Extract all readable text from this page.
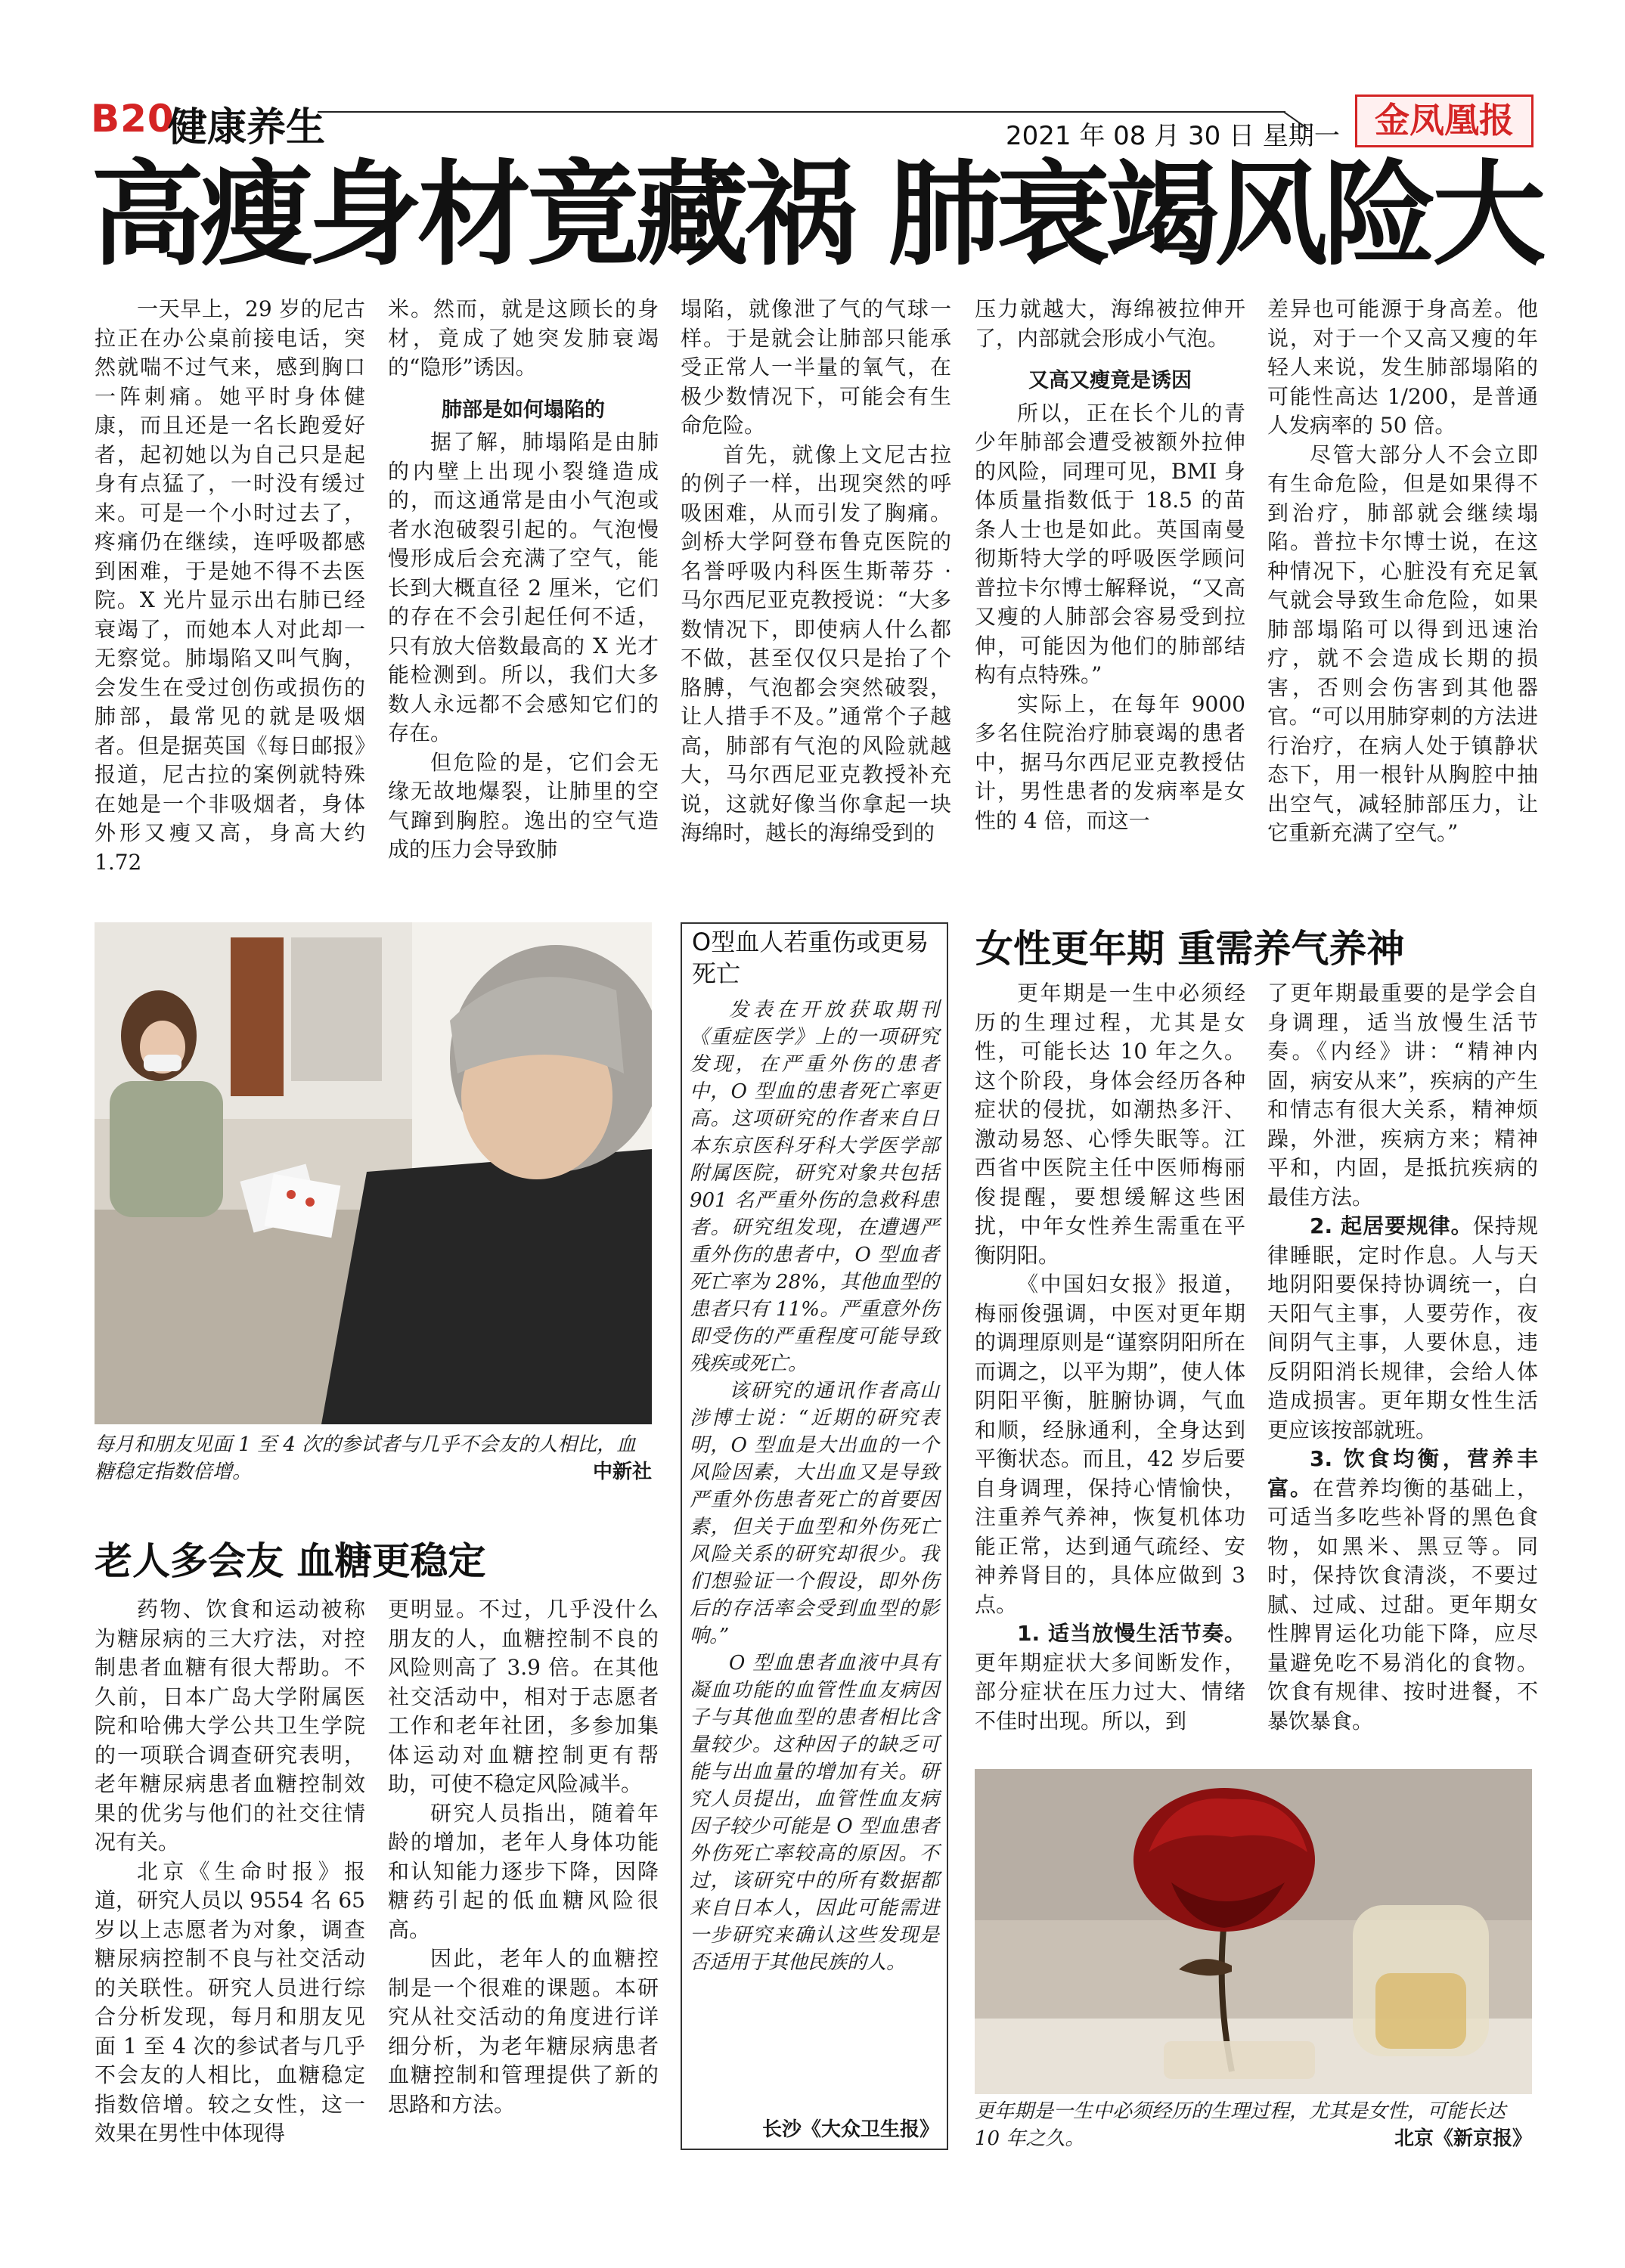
B20
健康养生	2021 年 08 月 30 日 星期一	金凤凰报
高瘦身材竟藏祸 肺衰竭风险大

一天早上，29 岁的尼古拉正在办公桌前接电话，突然就喘不过气来，感到胸口一阵刺痛。她平时身体健康，而且还是一名长跑爱好者，起初她以为自己只是起身有点猛了，一时没有缓过来。可是一个小时过去了，疼痛仍在继续，连呼吸都感到困难，于是她不得不去医院。X 光片显示出右肺已经衰竭了，而她本人对此却一无察觉。肺塌陷又叫气胸，会发生在受过创伤或损伤的肺部，最常见的就是吸烟者。但是据英国《每日邮报》报道，尼古拉的案例就特殊在她是一个非吸烟者，身体外形又瘦又高，身高大约 1.72

米。然而，就是这顾长的身材，竟成了她突发肺衰竭的“隐形”诱因。

肺部是如何塌陷的

据了解，肺塌陷是由肺的内壁上出现小裂缝造成的，而这通常是由小气泡或者水泡破裂引起的。气泡慢慢形成后会充满了空气，能长到大概直径 2 厘米，它们的存在不会引起任何不适，只有放大倍数最高的 X 光才能检测到。所以，我们大多数人永远都不会感知它们的存在。

但危险的是，它们会无缘无故地爆裂，让肺里的空气蹿到胸腔。逸出的空气造成的压力会导致肺

塌陷，就像泄了气的气球一样。于是就会让肺部只能承受正常人一半量的氧气，在极少数情况下，可能会有生命危险。

首先，就像上文尼古拉的例子一样，出现突然的呼吸困难，从而引发了胸痛。剑桥大学阿登布鲁克医院的名誉呼吸内科医生斯蒂芬 · 马尔西尼亚克教授说：“大多数情况下，即使病人什么都不做，甚至仅仅只是抬了个胳膊，气泡都会突然破裂，让人措手不及。”通常个子越高，肺部有气泡的风险就越大，马尔西尼亚克教授补充说，这就好像当你拿起一块海绵时，越长的海绵受到的

压力就越大，海绵被拉伸开了，内部就会形成小气泡。

又高又瘦竟是诱因

所以，正在长个儿的青少年肺部会遭受被额外拉伸的风险，同理可见，BMI 身体质量指数低于 18.5 的苗条人士也是如此。英国南曼彻斯特大学的呼吸医学顾问普拉卡尔博士解释说，“又高又瘦的人肺部会容易受到拉伸，可能因为他们的肺部结构有点特殊。”

实际上，在每年 9000 多名住院治疗肺衰竭的患者中，据马尔西尼亚克教授估计，男性患者的发病率是女性的 4 倍，而这一

差异也可能源于身高差。他说，对于一个又高又瘦的年轻人来说，发生肺部塌陷的可能性高达 1/200，是普通人发病率的 50 倍。

尽管大部分人不会立即有生命危险，但是如果得不到治疗，肺部就会继续塌陷。普拉卡尔博士说，在这种情况下，心脏没有充足氧气就会导致生命危险，如果肺部塌陷可以得到迅速治疗，就不会造成长期的损害，否则会伤害到其他器官。“可以用肺穿刺的方法进行治疗，在病人处于镇静状态下，用一根针从胸腔中抽出空气，减轻肺部压力，让它重新充满了空气。”

每月和朋友见面 1 至 4 次的参试者与几乎不会友的人相比，血糖稳定指数倍增。	中新社
老人多会友 血糖更稳定

药物、饮食和运动被称为糖尿病的三大疗法，对控制患者血糖有很大帮助。不久前，日本广岛大学附属医院和哈佛大学公共卫生学院的一项联合调查研究表明，老年糖尿病患者血糖控制效果的优劣与他们的社交往情况有关。

北京《生命时报》报道，研究人员以 9554 名 65 岁以上志愿者为对象，调查糖尿病控制不良与社交活动的关联性。研究人员进行综合分析发现，每月和朋友见面 1 至 4 次的参试者与几乎不会友的人相比，血糖稳定指数倍增。较之女性，这一效果在男性中体现得

更明显。不过，几乎没什么朋友的人，血糖控制不良的风险则高了 3.9 倍。在其他社交活动中，相对于志愿者工作和老年社团，多参加集体运动对血糖控制更有帮助，可使不稳定风险减半。

研究人员指出，随着年龄的增加，老年人身体功能和认知能力逐步下降，因降糖药引起的低血糖风险很高。

因此，老年人的血糖控制是一个很难的课题。本研究从社交活动的角度进行详细分析，为老年糖尿病患者血糖控制和管理提供了新的思路和方法。

O型血人若重伤或更易死亡

发表在开放获取期刊《重症医学》上的一项研究发现，在严重外伤的患者中，O 型血的患者死亡率更高。这项研究的作者来自日本东京医科牙科大学医学部附属医院，研究对象共包括 901 名严重外伤的急救科患者。研究组发现，在遭遇严重外伤的患者中，O 型血者死亡率为 28%，其他血型的患者只有 11%。严重意外伤即受伤的严重程度可能导致残疾或死亡。

该研究的通讯作者高山涉博士说：“近期的研究表明，O 型血是大出血的一个风险因素，大出血又是导致严重外伤患者死亡的首要因素，但关于血型和外伤死亡风险关系的研究却很少。我们想验证一个假设，即外伤后的存活率会受到血型的影响。”

O 型血患者血液中具有凝血功能的血管性血友病因子与其他血型的患者相比含量较少。这种因子的缺乏可能与出血量的增加有关。研究人员提出，血管性血友病因子较少可能是 O 型血患者外伤死亡率较高的原因。不过，该研究中的所有数据都来自日本人，因此可能需进一步研究来确认这些发现是否适用于其他民族的人。

长沙《大众卫生报》
女性更年期 重需养气养神

更年期是一生中必须经历的生理过程，尤其是女性，可能长达 10 年之久。这个阶段，身体会经历各种症状的侵扰，如潮热多汗、激动易怒、心悸失眠等。江西省中医院主任中医师梅丽俊提醒，要想缓解这些困扰，中年女性养生需重在平衡阴阳。

《中国妇女报》报道，梅丽俊强调，中医对更年期的调理原则是“谨察阴阳所在而调之，以平为期”，使人体阴阳平衡，脏腑协调，气血和顺，经脉通利，全身达到平衡状态。而且，42 岁后要自身调理，保持心情愉快，注重养气养神，恢复机体功能正常，达到通气疏经、安神养肾目的，具体应做到 3 点。

1. 适当放慢生活节奏。更年期症状大多间断发作，部分症状在压力过大、情绪不佳时出现。所以，到

了更年期最重要的是学会自身调理，适当放慢生活节奏。《内经》讲：“精神内固，病安从来”，疾病的产生和情志有很大关系，精神烦躁，外泄，疾病方来；精神平和，内固，是抵抗疾病的最佳方法。

2. 起居要规律。保持规律睡眠，定时作息。人与天地阴阳要保持协调统一，白天阳气主事，人要劳作，夜间阴气主事，人要休息，违反阴阳消长规律，会给人体造成损害。更年期女性生活更应该按部就班。

3. 饮食均衡，营养丰富。在营养均衡的基础上，可适当多吃些补肾的黑色食物，如黑米、黑豆等。同时，保持饮食清淡，不要过腻、过咸、过甜。更年期女性脾胃运化功能下降，应尽量避免吃不易消化的食物。饮食有规律、按时进餐，不暴饮暴食。

更年期是一生中必须经历的生理过程，尤其是女性，可能长达 10 年之久。	北京《新京报》
